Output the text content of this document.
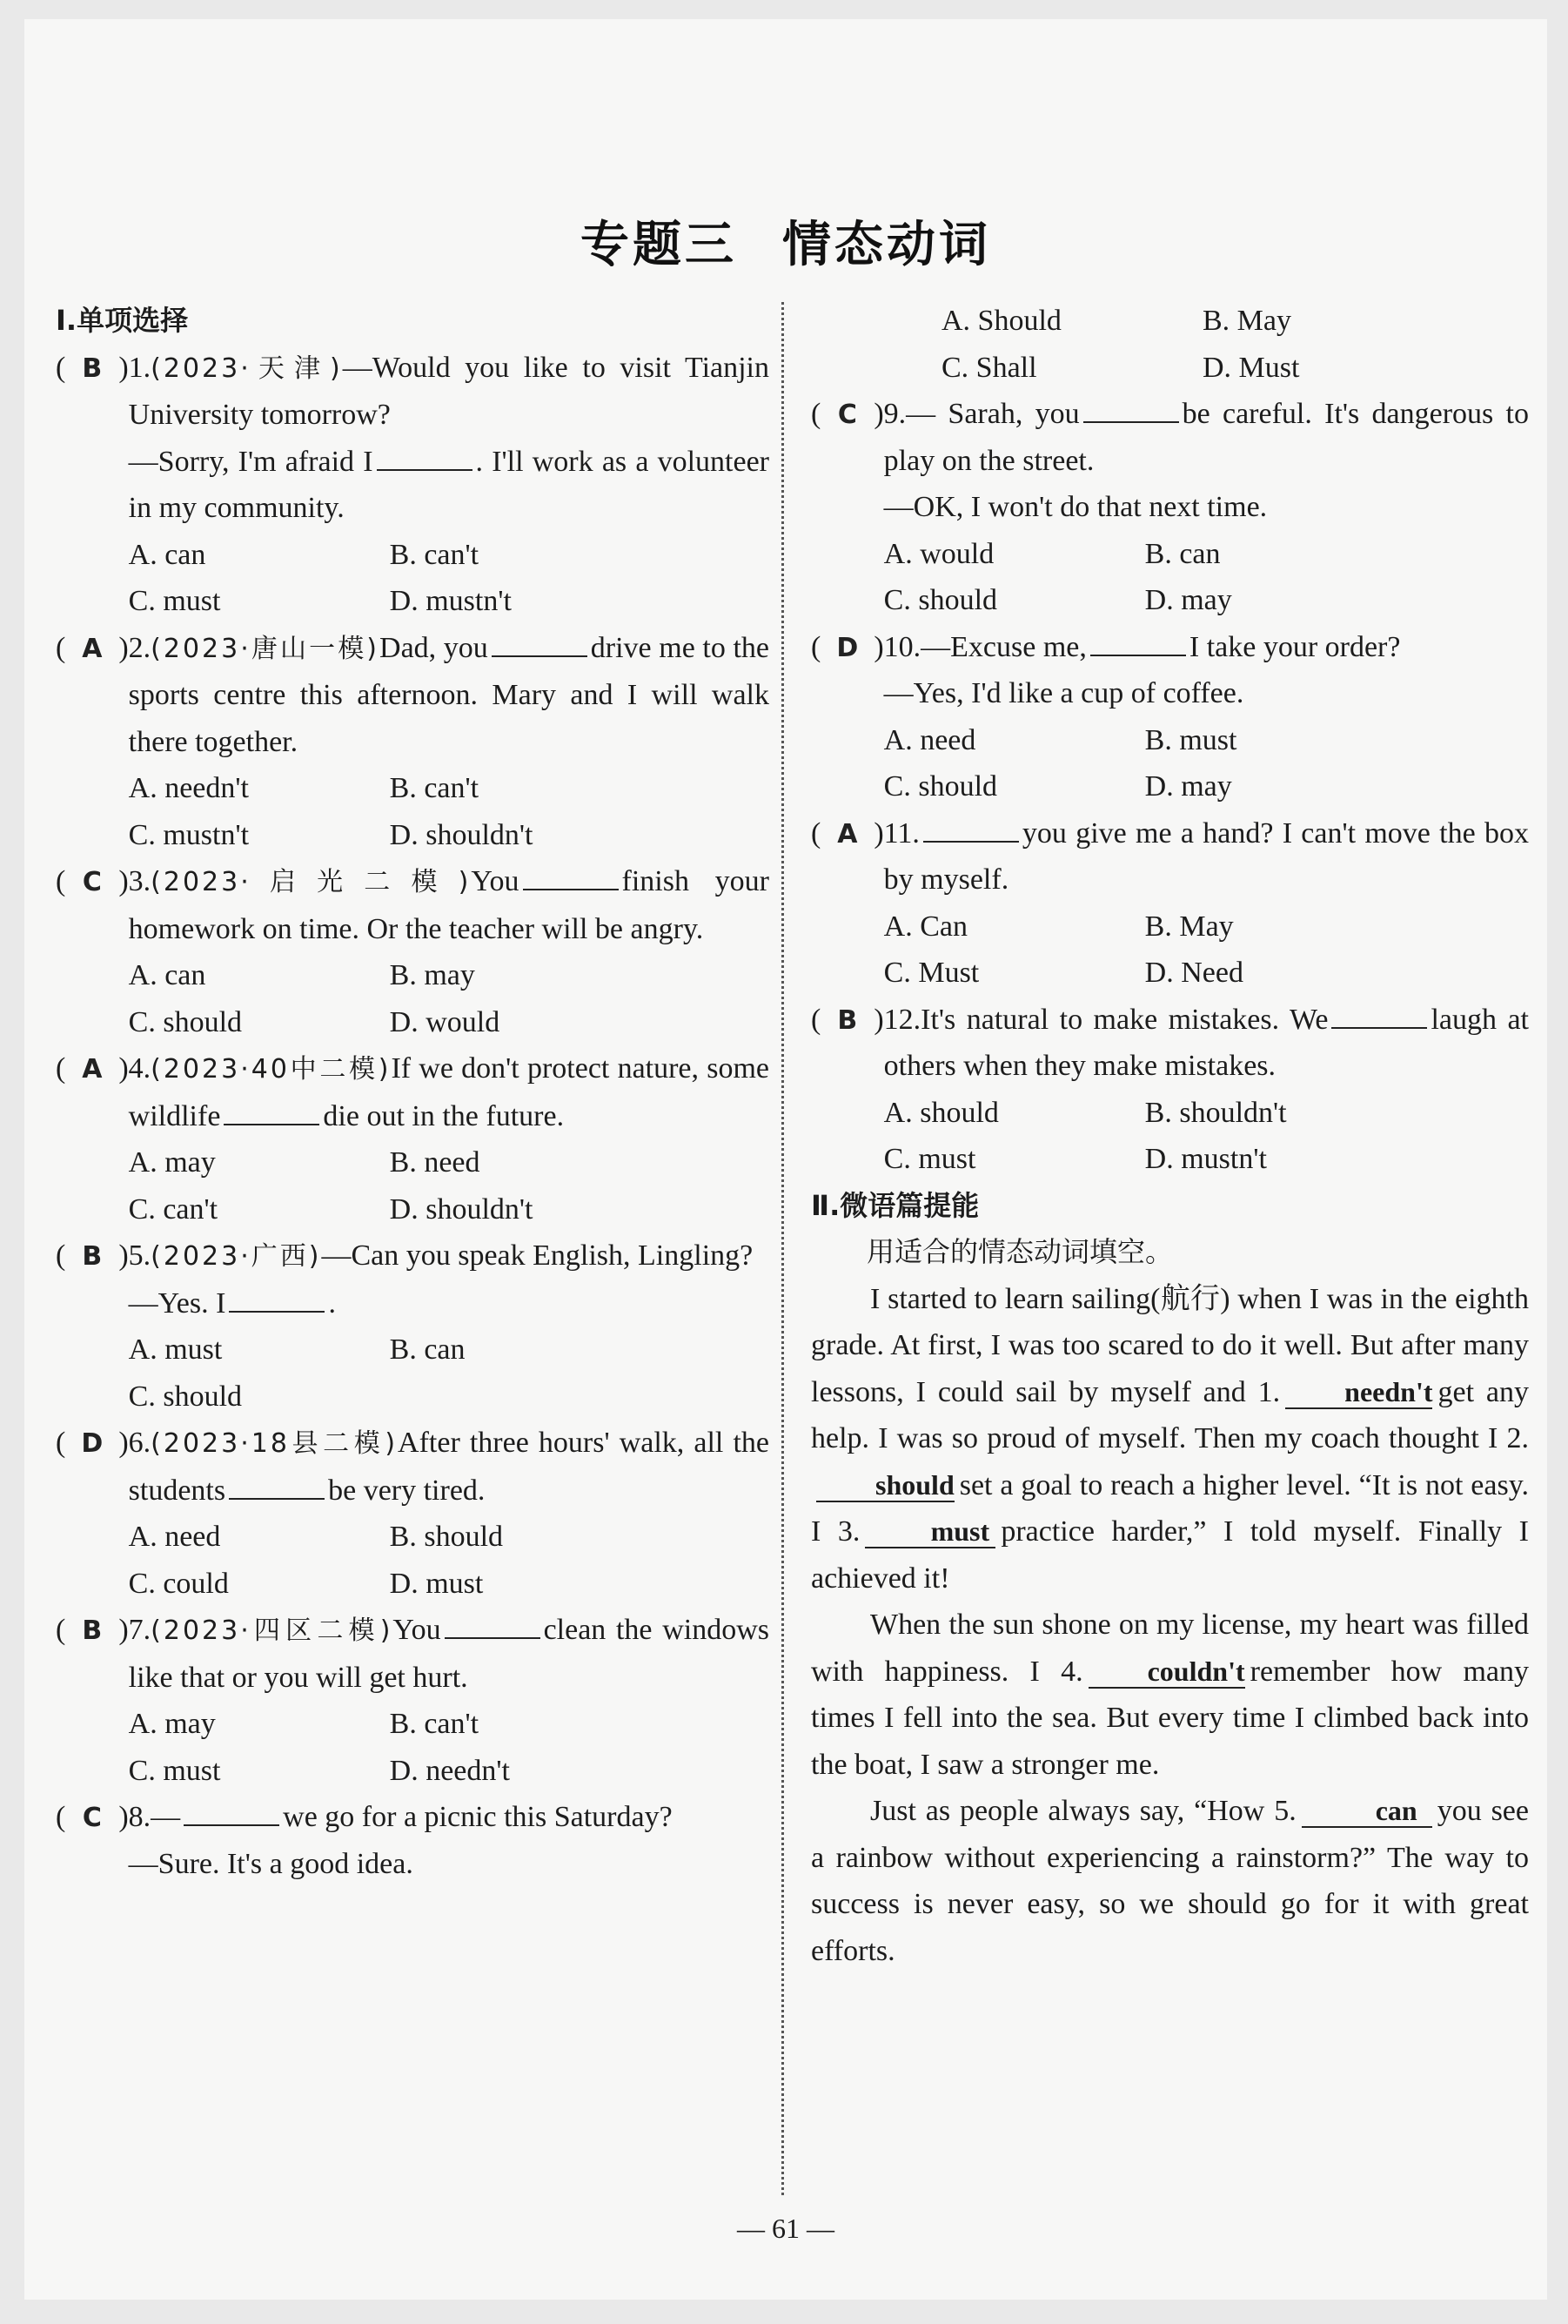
专题三 情态动词
Ⅰ.单项选择
( B ) 1.(2023·天津)—Would you like to visit Tianjin University tomorrow?
—Sorry, I'm afraid I	. I'll work as a volunteer in my community.
A. can	B. can't
C. must	D. mustn't
( A ) 2.(2023·唐山一模)Dad, you	drive me to the sports centre this afternoon. Mary and I will walk there together.
A. needn't	B. can't
C. mustn't	D. shouldn't
( C ) 3.(2023·启光二模)You	finish your homework on time. Or the teacher will be angry.
A. can	B. may
C. should	D. would
( A ) 4.(2023·40中二模)If we don't protect nature, some wildlife	die out in the future.
A. may	B. need
C. can't	D. shouldn't
( B ) 5.(2023·广西)—Can you speak English, Lingling?
—Yes. I	.
A. must	B. can
C. should
( D ) 6.(2023·18县二模)After three hours' walk, all the students	be very tired.
A. need	B. should
C. could	D. must
( B ) 7.(2023·四区二模)You	clean the windows like that or you will get hurt.
A. may	B. can't
C. must	D. needn't
( C ) 8.—	we go for a picnic this Saturday?
—Sure. It's a good idea.
A. Should	B. May
C. Shall	D. Must
( C ) 9.— Sarah, you	be careful. It's dangerous to play on the street.
—OK, I won't do that next time.
A. would	B. can
C. should	D. may
( D ) 10.—Excuse me,	I take your order?
—Yes, I'd like a cup of coffee.
A. need	B. must
C. should	D. may
( A ) 11.	you give me a hand? I can't move the box by myself.
A. Can	B. May
C. Must	D. Need
( B ) 12.It's natural to make mistakes. We	laugh at others when they make mistakes.
A. should	B. shouldn't
C. must	D. mustn't
Ⅱ.微语篇提能
用适合的情态动词填空。
I started to learn sailing(航行) when I was in the eighth grade. At first, I was too scared to do it well. But after many lessons, I could sail by myself and 1. needn't get any help. I was so proud of myself. Then my coach thought I 2.should set a goal to reach a higher level. “It is not easy. I 3.	must practice harder,” I told myself. Finally I achieved it!
When the sun shone on my license, my heart was filled with happiness. I 4. couldn't remember how many times I fell into the sea. But every time I climbed back into the boat, I saw a stronger me.
Just as people always say, “How 5.	can you see a rainbow without experiencing a rainstorm?” The way to success is never easy, so we should go for it with great efforts.
— 61 —
